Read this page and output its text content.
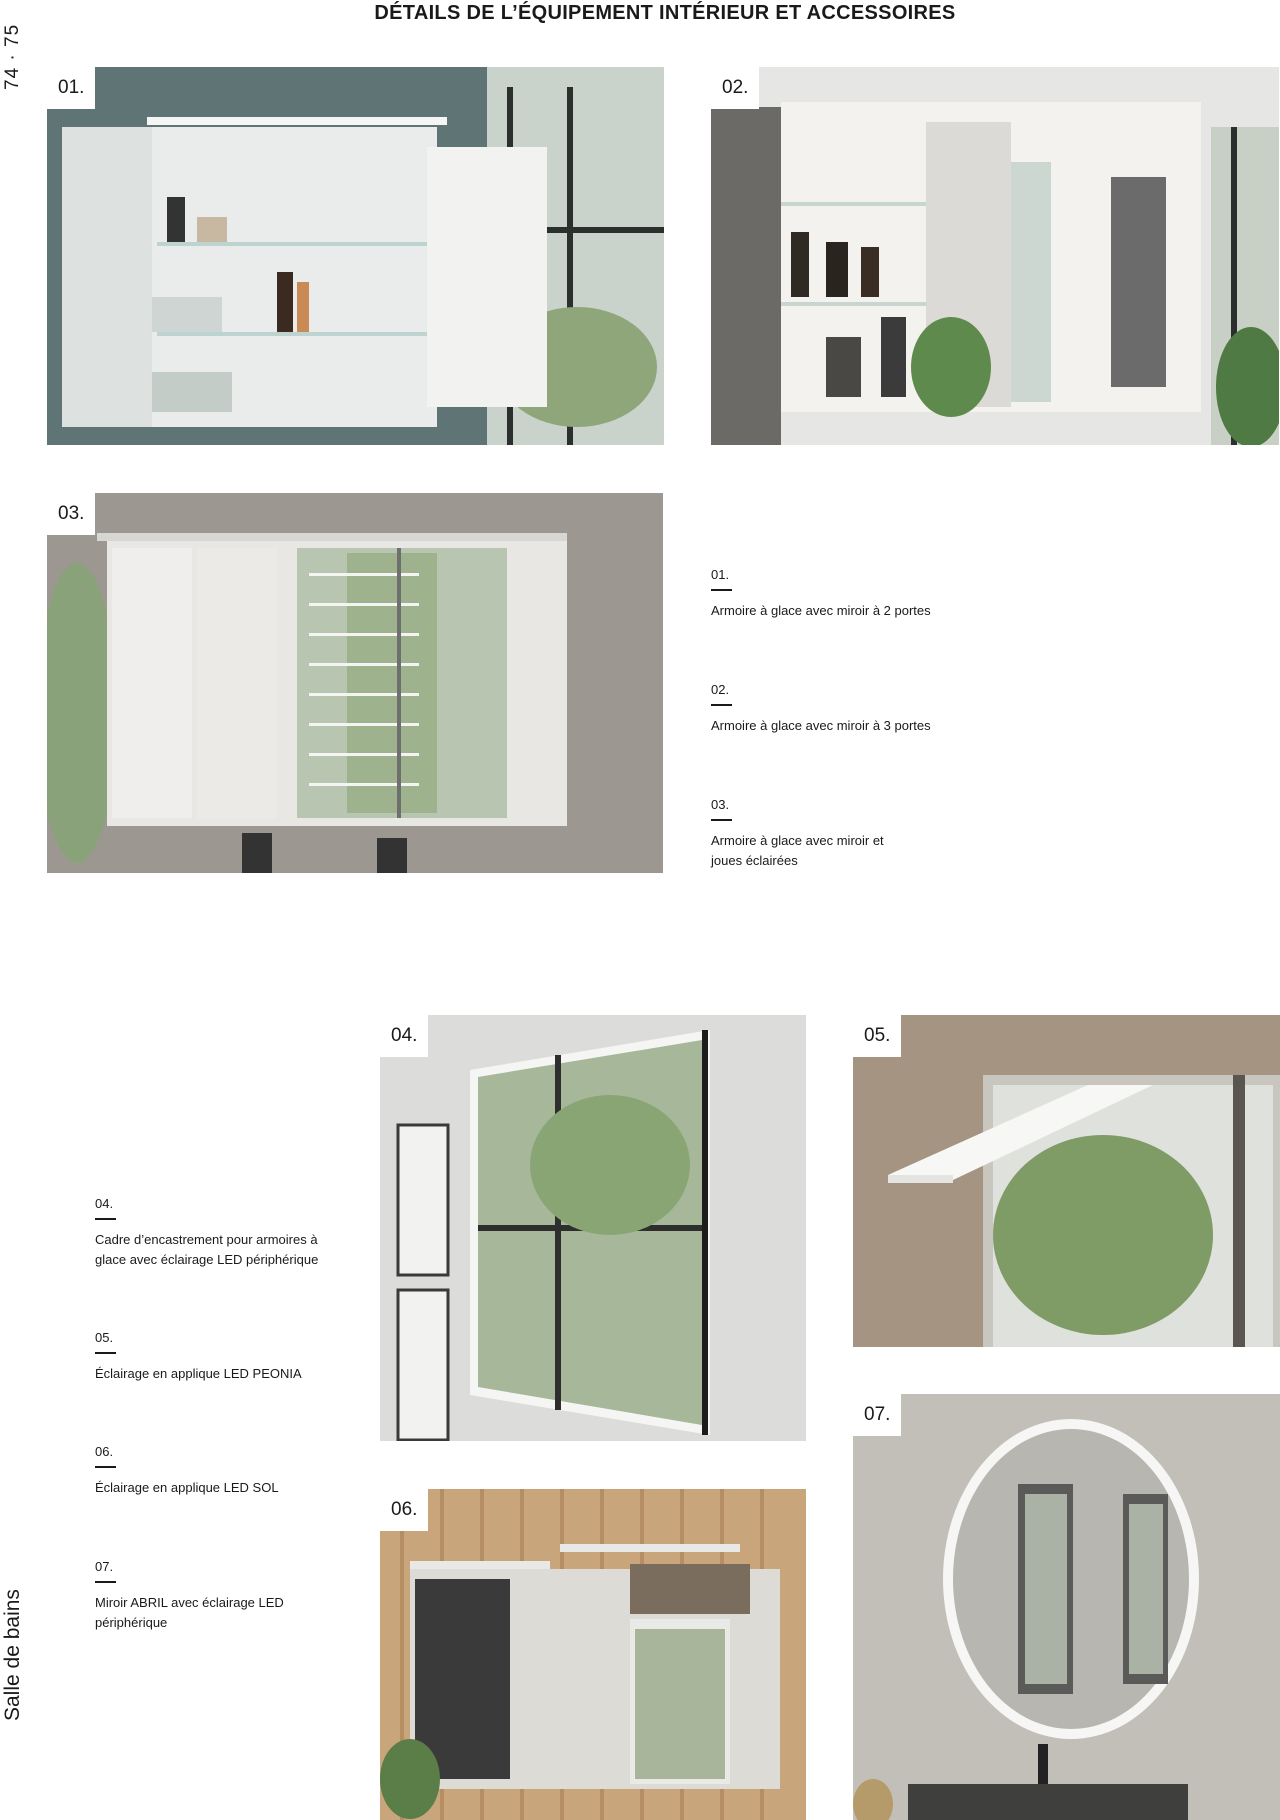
74 · 75
DÉTAILS DE L’ÉQUIPEMENT INTÉRIEUR ET ACCESSOIRES
Salle de bains
01.	02.
03.
01.
Armoire à glace avec miroir à 2 portes
02.
Armoire à glace avec miroir à 3 portes
03.
Armoire à glace avec miroir et joues éclairées
04.	05.
04.
Cadre d’encastrement pour armoires à glace avec éclairage LED périphérique
05.
Éclairage en applique LED PEONIA
06.
Éclairage en applique LED SOL
07.
Miroir ABRIL avec éclairage LED périphérique
06.
07.
